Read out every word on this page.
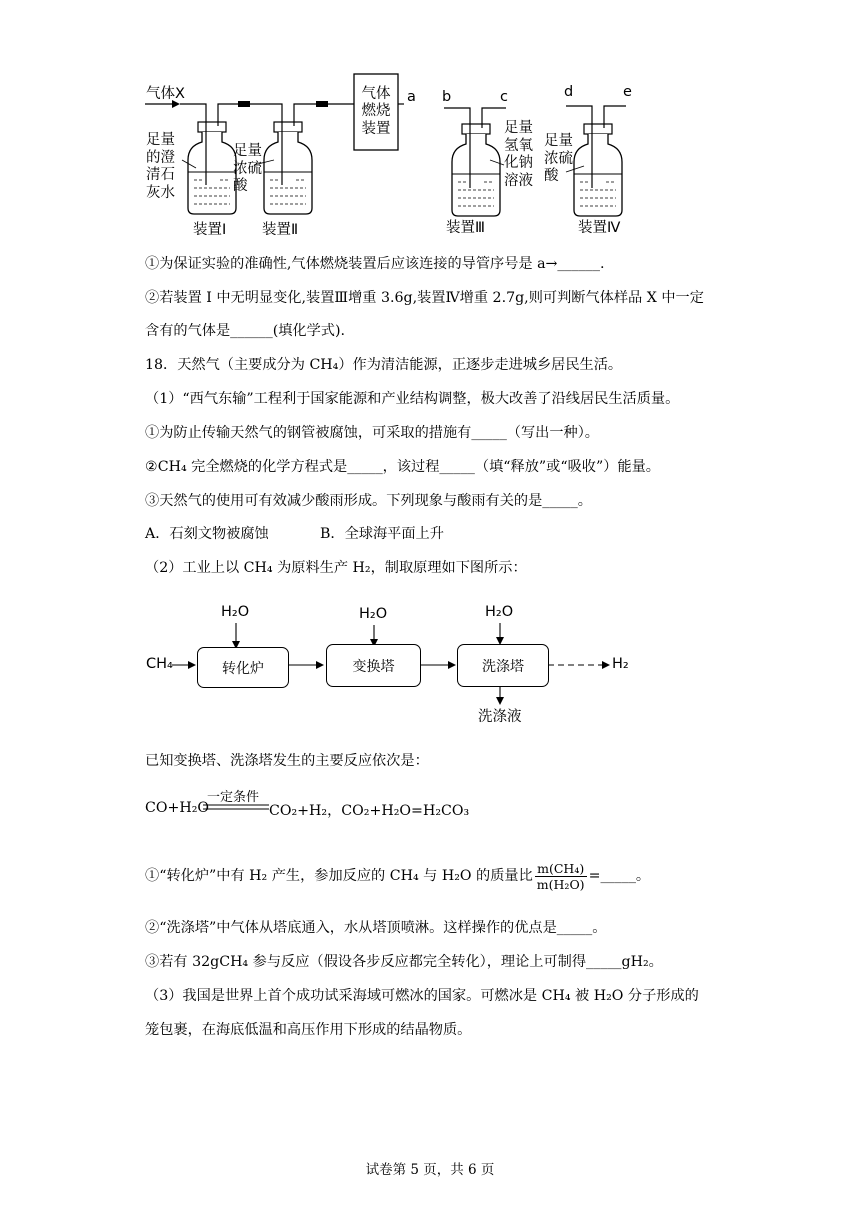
气体X	气体燃烧装置
a b	c	d	e
足量的澄清石灰水
足量浓硫酸
足量氢氧化钠溶液
足量浓硫酸
装置Ⅰ 装置Ⅱ	装置Ⅲ	装置Ⅳ
①为保证实验的准确性,气体燃烧装置后应该连接的导管序号是 a→______.
②若装置 I 中无明显变化,装置Ⅲ增重 3.6g,装置Ⅳ增重 2.7g,则可判断气体样品 X 中一定
含有的气体是______(填化学式).
18．天然气（主要成分为 CH₄）作为清洁能源，正逐步走进城乡居民生活。
（1）“西气东输”工程利于国家能源和产业结构调整，极大改善了沿线居民生活质量。
①为防止传输天然气的钢管被腐蚀，可采取的措施有_____（写出一种）。
②CH₄ 完全燃烧的化学方程式是_____，该过程_____（填“释放”或“吸收”）能量。
③天然气的使用可有效减少酸雨形成。下列现象与酸雨有关的是_____。
A．石刻文物被腐蚀	B．全球海平面上升
（2）工业上以 CH₄ 为原料生产 H₂，制取原理如下图所示：
H₂O	H₂O	H₂O
CH₄	转化炉	变换塔	洗涤塔	H₂
洗涤液
已知变换塔、洗涤塔发生的主要反应依次是：
CO+H₂O
一定条件
CO₂+H₂，CO₂+H₂O=H₂CO₃
①“转化炉”中有 H₂ 产生，参加反应的 CH₄ 与 H₂O 的质量比 $\frac{\text{m(CH₄)}}{\text{m(H₂O)}}$ =_____。
②“洗涤塔”中气体从塔底通入，水从塔顶喷淋。这样操作的优点是_____。
③若有 32gCH₄ 参与反应（假设各步反应都完全转化），理论上可制得_____gH₂。
（3）我国是世界上首个成功试采海域可燃冰的国家。可燃冰是 CH₄ 被 H₂O 分子形成的
笼包裹，在海底低温和高压作用下形成的结晶物质。
试卷第 5 页，共 6 页
